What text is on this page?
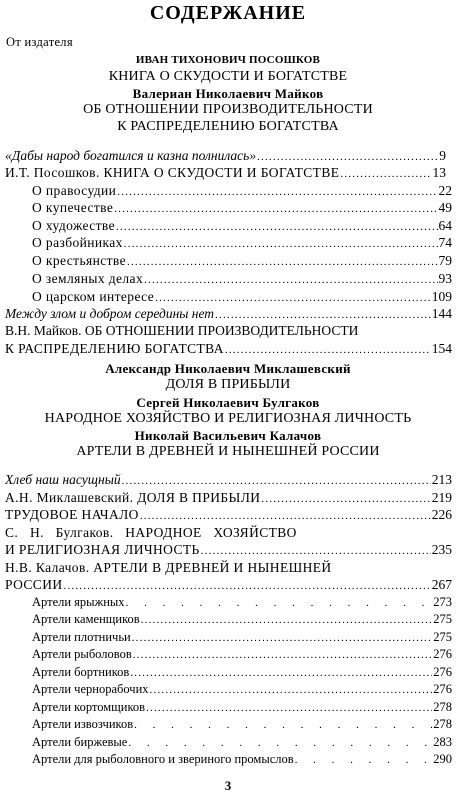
СОДЕРЖАНИЕ
От издателя
ИВАН ТИХОНОВИЧ ПОСОШКОВ
КНИГА О СКУДОСТИ И БОГАТСТВЕ
Валериан Николаевич Майков
ОБ ОТНОШЕНИИ ПРОИЗВОДИТЕЛЬНОСТИ
К РАСПРЕДЕЛЕНИЮ БОГАТСТВА
«Дабы народ богатился и казна полнилась» .....	9
И.Т. Посошков. КНИГА О СКУДОСТИ И БОГАТСТВЕ .....	13
О правосудии .....	22
О купечестве .....	49
О художестве .....	64
О разбойниках .....	74
О крестьянстве .....	79
О земляных делах .....	93
О царском интересе .....	109
Между злом и добром середины нет .....	144
В.Н. Майков. ОБ ОТНОШЕНИИ ПРОИЗВОДИТЕЛЬНОСТИ
К РАСПРЕДЕЛЕНИЮ БОГАТСТВА .....	154
Александр Николаевич Миклашевский
ДОЛЯ В ПРИБЫЛИ
Сергей Николаевич Булгаков
НАРОДНОЕ ХОЗЯЙСТВО И РЕЛИГИОЗНАЯ ЛИЧНОСТЬ
Николай Васильевич Калачов
АРТЕЛИ В ДРЕВНЕЙ И НЫНЕШНЕЙ РОССИИ
Хлеб наш насущный .....	213
А.Н. Миклашевский. ДОЛЯ В ПРИБЫЛИ .....	219
ТРУДОВОЕ НАЧАЛО .....	226
С. Н. Булгаков. НАРОДНОЕ ХОЗЯЙСТВО
И РЕЛИГИОЗНАЯ ЛИЧНОСТЬ .....	235
Н.В. Калачов. АРТЕЛИ В ДРЕВНЕЙ И НЫНЕШНЕЙ
РОССИИ .....	267
Артели ярыжных . . .	273
Артели каменщиков .....	275
Артели плотничьи .....	275
Артели рыболовов .....	276
Артели бортников .....	276
Артели чернорабочих .....	276
Артели кортомщиков .....	278
Артели извозчиков . . .	278
Артели биржевые . . .	283
Артели для рыболовного и звериного промыслов . . .	290
3
